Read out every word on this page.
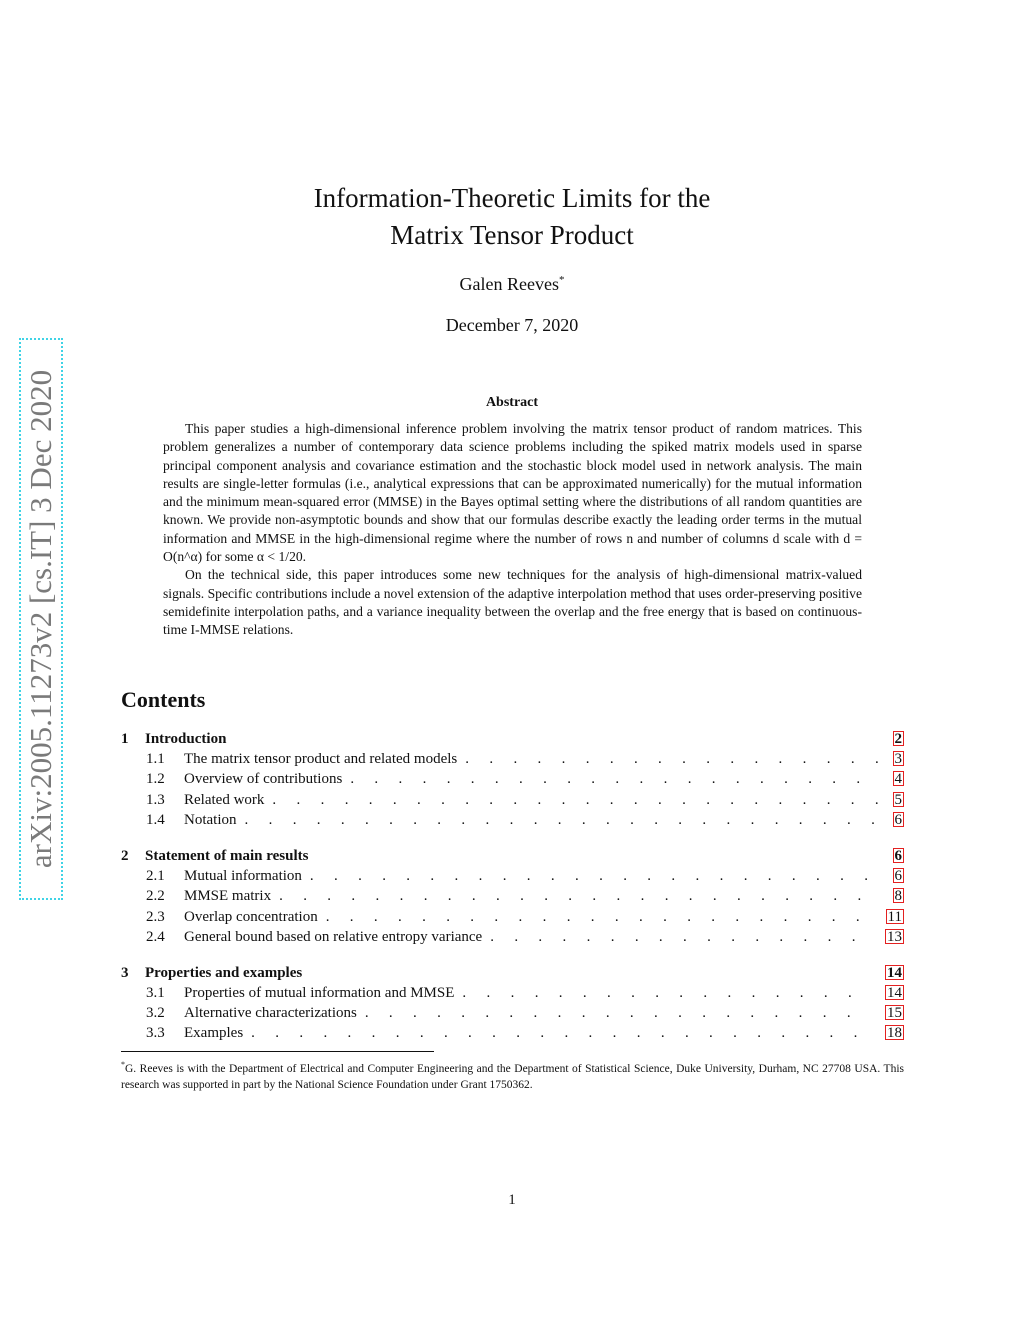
arXiv:2005.11273v2 [cs.IT] 3 Dec 2020
Information-Theoretic Limits for the
Matrix Tensor Product
Galen Reeves*
December 7, 2020
Abstract

This paper studies a high-dimensional inference problem involving the matrix tensor product of random matrices. This problem generalizes a number of contemporary data science problems including the spiked matrix models used in sparse principal component analysis and covariance estimation and the stochastic block model used in network analysis. The main results are single-letter formulas (i.e., analytical expressions that can be approximated numerically) for the mutual information and the minimum mean-squared error (MMSE) in the Bayes optimal setting where the distributions of all random quantities are known. We provide non-asymptotic bounds and show that our formulas describe exactly the leading order terms in the mutual information and MMSE in the high-dimensional regime where the number of rows n and number of columns d scale with d = O(n^α) for some α < 1/20.

On the technical side, this paper introduces some new techniques for the analysis of high-dimensional matrix-valued signals. Specific contributions include a novel extension of the adaptive interpolation method that uses order-preserving positive semidefinite interpolation paths, and a variance inequality between the overlap and the free energy that is based on continuous-time I-MMSE relations.

Contents
1	Introduction	2
1.1	The matrix tensor product and related models . . .	3
1.2	Overview of contributions . . .	4
1.3	Related work . . .	5
1.4	Notation . . .	6
2	Statement of main results	6
2.1	Mutual information . . .	6
2.2	MMSE matrix . . .	8
2.3	Overlap concentration . . .	11
2.4	General bound based on relative entropy variance . . .	13
3	Properties and examples	14
3.1	Properties of mutual information and MMSE . . .	14
3.2	Alternative characterizations . . .	15
3.3	Examples . . .	18
*G. Reeves is with the Department of Electrical and Computer Engineering and the Department of Statistical Science, Duke University, Durham, NC 27708 USA. This research was supported in part by the National Science Foundation under Grant 1750362.
1
